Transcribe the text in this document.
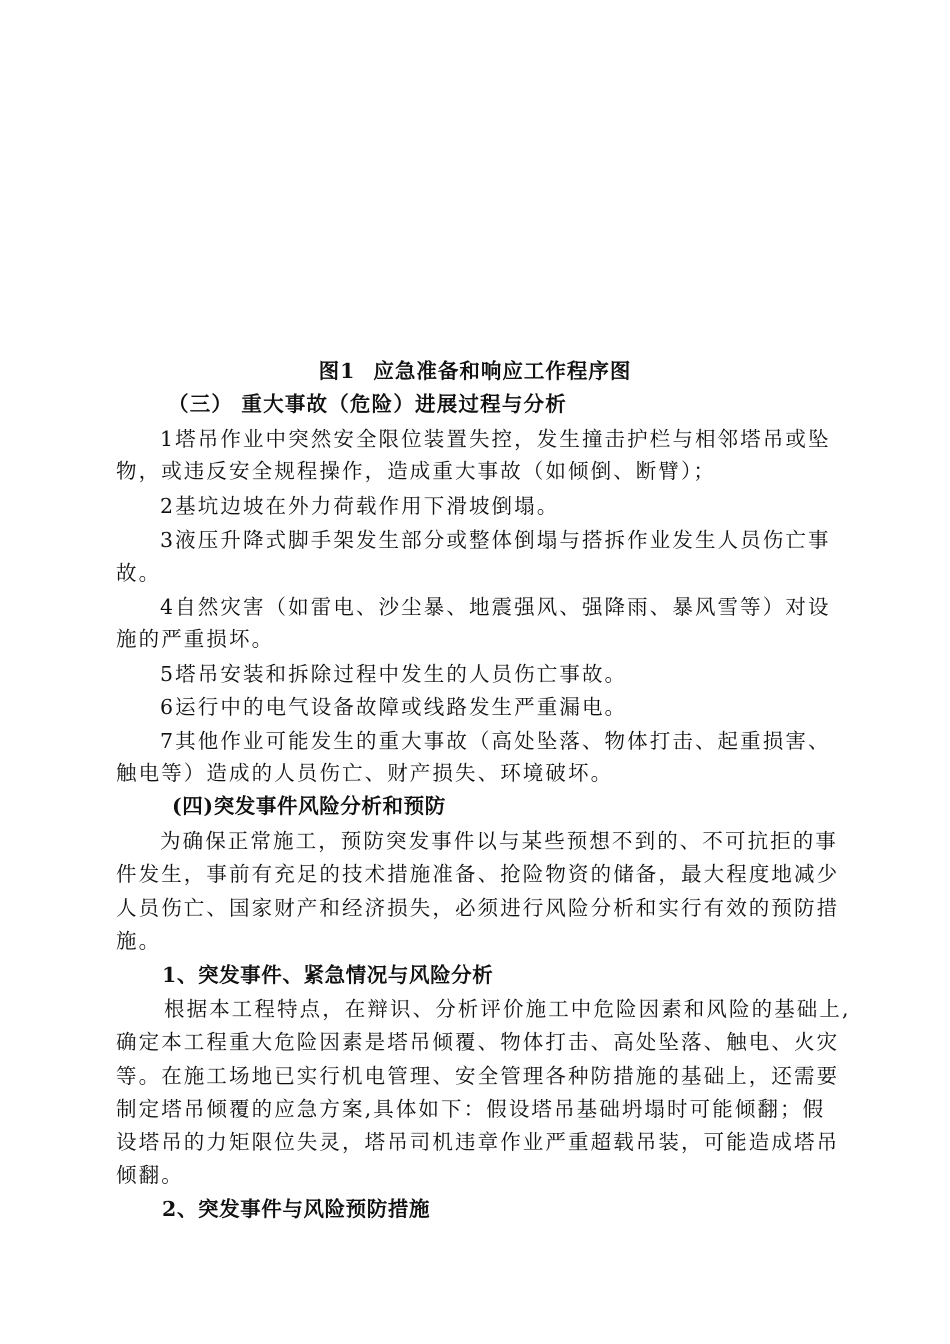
图1 应急准备和响应工作程序图
（三） 重大事故（危险）进展过程与分析
1塔吊作业中突然安全限位装置失控，发生撞击护栏与相邻塔吊或坠
物，或违反安全规程操作，造成重大事故（如倾倒、断臂）；
2基坑边坡在外力荷载作用下滑坡倒塌。
3液压升降式脚手架发生部分或整体倒塌与搭拆作业发生人员伤亡事
故。
4自然灾害（如雷电、沙尘暴、地震强风、强降雨、暴风雪等）对设
施的严重损坏。
5塔吊安装和拆除过程中发生的人员伤亡事故。
6运行中的电气设备故障或线路发生严重漏电。
7其他作业可能发生的重大事故（高处坠落、物体打击、起重损害、
触电等）造成的人员伤亡、财产损失、环境破坏。
(四)突发事件风险分析和预防
为确保正常施工，预防突发事件以与某些预想不到的、不可抗拒的事
件发生，事前有充足的技术措施准备、抢险物资的储备，最大程度地减少
人员伤亡、国家财产和经济损失，必须进行风险分析和实行有效的预防措
施。
1、突发事件、紧急情况与风险分析
根据本工程特点，在辩识、分析评价施工中危险因素和风险的基础上,
确定本工程重大危险因素是塔吊倾覆、物体打击、高处坠落、触电、火灾
等。在施工场地已实行机电管理、安全管理各种防措施的基础上，还需要
制定塔吊倾覆的应急方案,具体如下：假设塔吊基础坍塌时可能倾翻；假
设塔吊的力矩限位失灵，塔吊司机违章作业严重超载吊装，可能造成塔吊
倾翻。
2、突发事件与风险预防措施
